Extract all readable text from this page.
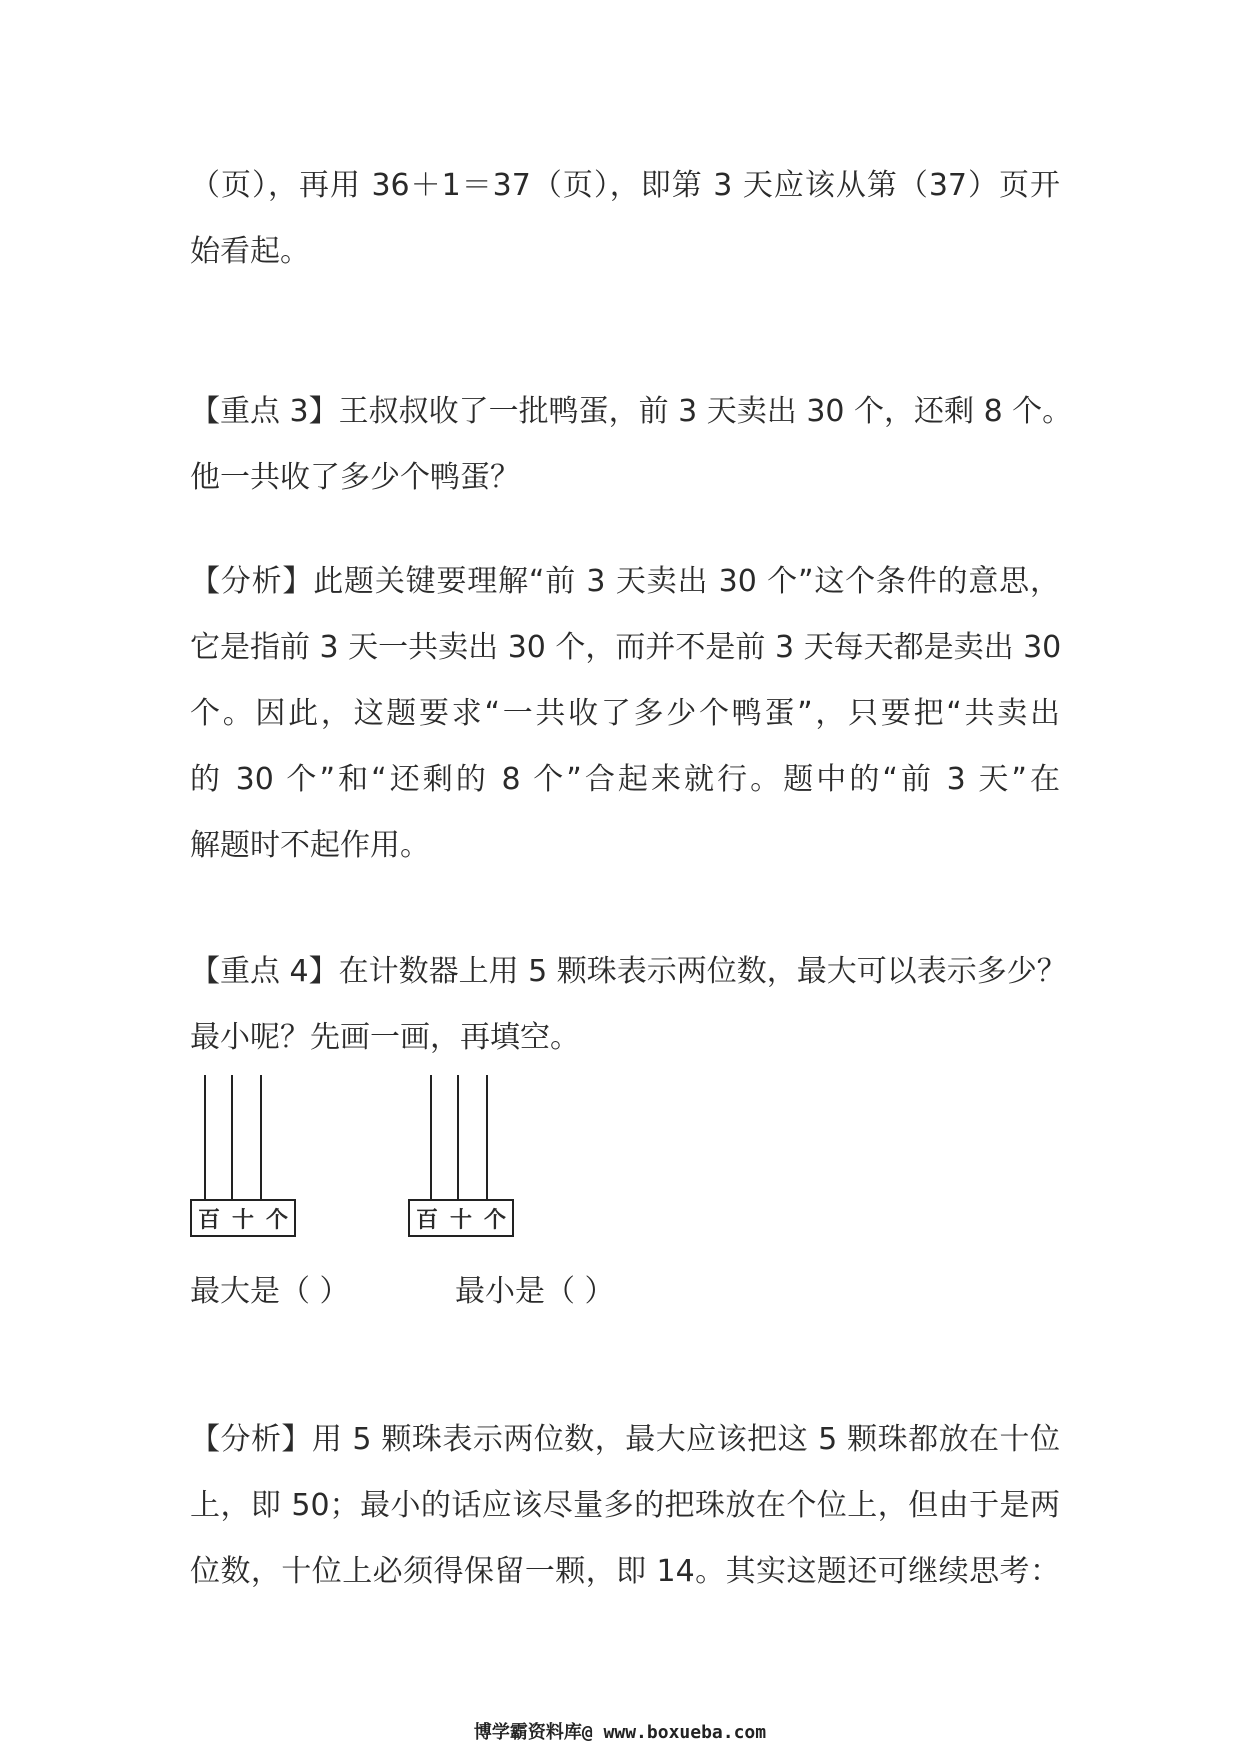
（页），再用 36＋1＝37（页），即第 3 天应该从第（37）页开
始看起。
【重点 3】王叔叔收了一批鸭蛋，前 3 天卖出 30 个，还剩 8 个。
他一共收了多少个鸭蛋？
【分析】此题关键要理解“前 3 天卖出 30 个”这个条件的意思，
它是指前 3 天一共卖出 30 个，而并不是前 3 天每天都是卖出 30
个。因此，这题要求“一共收了多少个鸭蛋”，只要把“共卖出
的 30 个”和“还剩的 8 个”合起来就行。题中的“前 3 天”在
解题时不起作用。
【重点 4】在计数器上用 5 颗珠表示两位数，最大可以表示多少？
最小呢？先画一画，再填空。
百 十 个	百 十 个
最大是（ ）	最小是（ ）
【分析】用 5 颗珠表示两位数，最大应该把这 5 颗珠都放在十位
上，即 50；最小的话应该尽量多的把珠放在个位上，但由于是两
位数，十位上必须得保留一颗，即 14。其实这题还可继续思考：
博学霸资料库@ www.boxueba.com
